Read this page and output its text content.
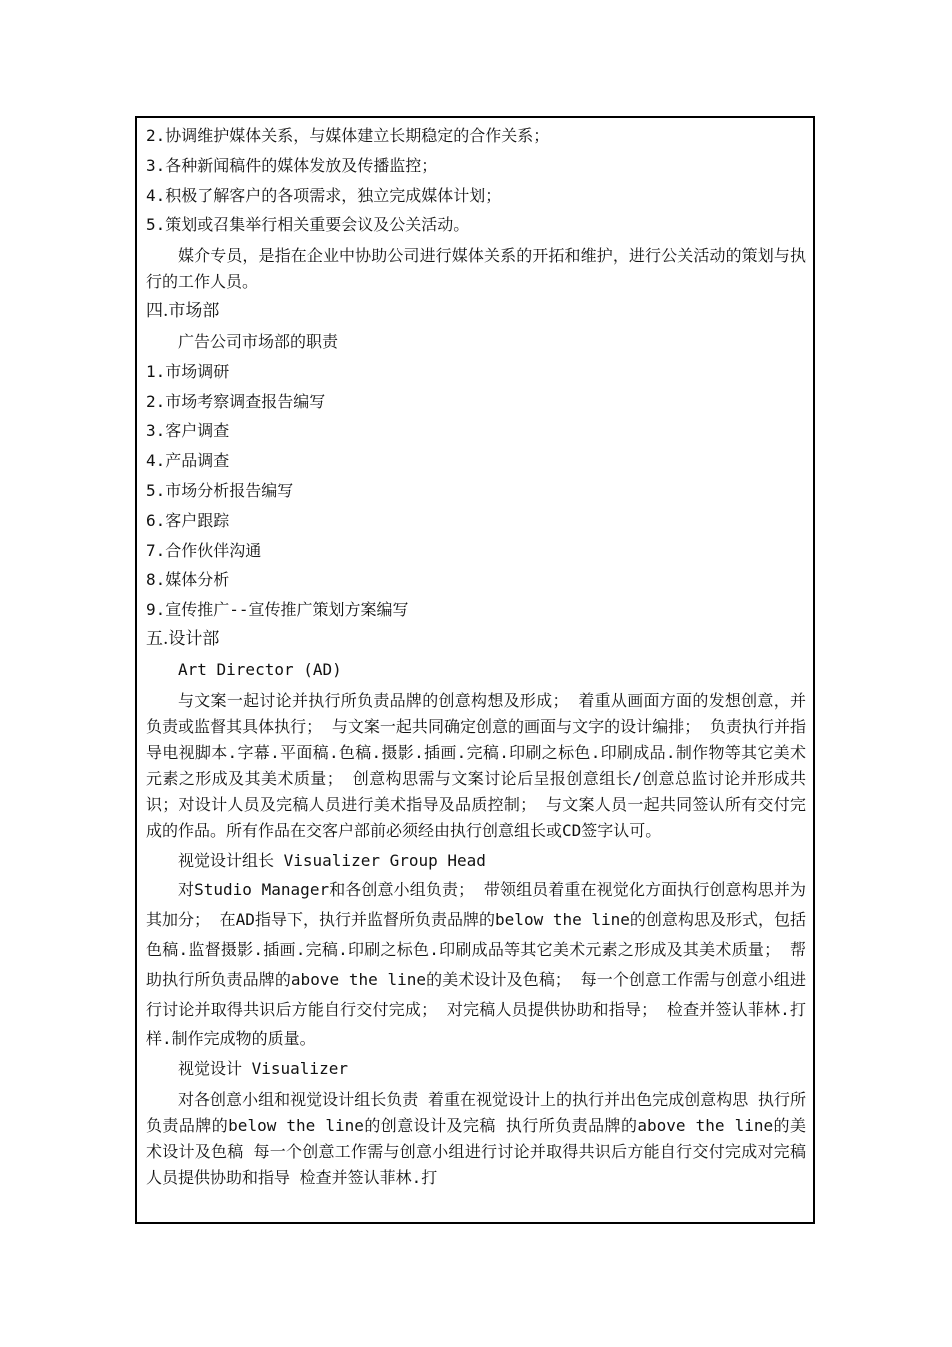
2.协调维护媒体关系，与媒体建立长期稳定的合作关系；
3.各种新闻稿件的媒体发放及传播监控；
4.积极了解客户的各项需求，独立完成媒体计划；
5.策划或召集举行相关重要会议及公关活动。
媒介专员，是指在企业中协助公司进行媒体关系的开拓和维护，进行公关活动的策划与执行的工作人员。
四.市场部
广告公司市场部的职责
1.市场调研
2.市场考察调查报告编写
3.客户调查
4.产品调查
5.市场分析报告编写
6.客户跟踪
7.合作伙伴沟通
8.媒体分析
9.宣传推广--宣传推广策划方案编写
五.设计部
Art Director (AD)
与文案一起讨论并执行所负责品牌的创意构想及形成； 着重从画面方面的发想创意，并负责或监督其具体执行； 与文案一起共同确定创意的画面与文字的设计编排； 负责执行并指导电视脚本.字幕.平面稿.色稿.摄影.插画.完稿.印刷之标色.印刷成品.制作物等其它美术元素之形成及其美术质量； 创意构思需与文案讨论后呈报创意组长/创意总监讨论并形成共识；对设计人员及完稿人员进行美术指导及品质控制； 与文案人员一起共同签认所有交付完成的作品。所有作品在交客户部前必须经由执行创意组长或CD签字认可。
视觉设计组长 Visualizer Group Head
对Studio Manager和各创意小组负责； 带领组员着重在视觉化方面执行创意构思并为其加分； 在AD指导下，执行并监督所负责品牌的below the line的创意构思及形式，包括色稿.监督摄影.插画.完稿.印刷之标色.印刷成品等其它美术元素之形成及其美术质量； 帮助执行所负责品牌的above the line的美术设计及色稿； 每一个创意工作需与创意小组进行讨论并取得共识后方能自行交付完成； 对完稿人员提供协助和指导； 检查并签认菲林.打样.制作完成物的质量。
视觉设计 Visualizer
对各创意小组和视觉设计组长负责 着重在视觉设计上的执行并出色完成创意构思 执行所负责品牌的below the line的创意设计及完稿 执行所负责品牌的above the line的美术设计及色稿 每一个创意工作需与创意小组进行讨论并取得共识后方能自行交付完成对完稿人员提供协助和指导 检查并签认菲林.打
